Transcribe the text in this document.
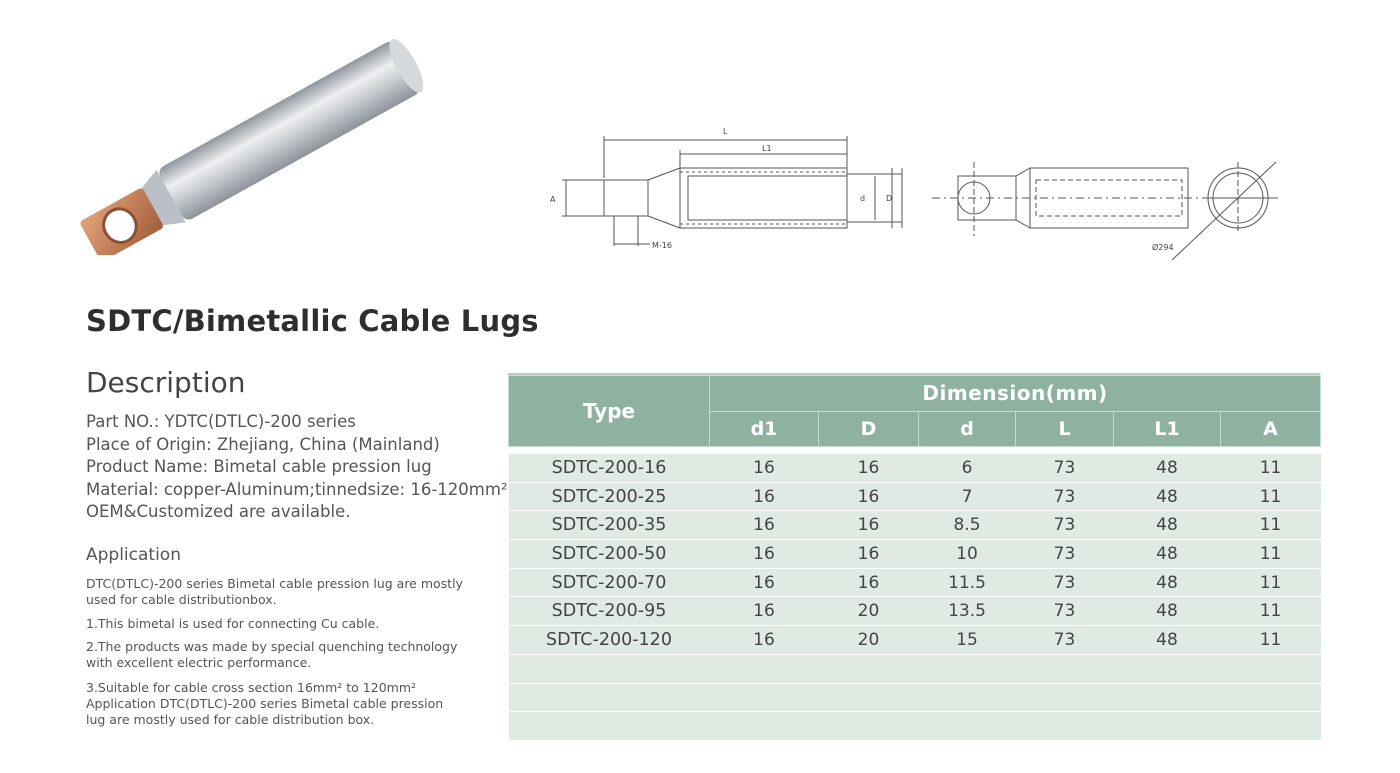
L
L1
A	d	D
M-16	Ø294
SDTC/Bimetallic Cable Lugs
Description
Part NO.: YDTC(DTLC)-200 series
Place of Origin: Zhejiang, China (Mainland)
Product Name: Bimetal cable pression lug
Material: copper-Aluminum;tinnedsize: 16-120mm²
OEM&Customized are available.
Application

DTC(DTLC)-200 series Bimetal cable pression lug are mostly used for cable distributionbox.

1.This bimetal is used for connecting Cu cable.

2.The products was made by special quenching technology with excellent electric performance.

3.Suitable for cable cross section 16mm² to 120mm² Application DTC(DTLC)-200 series Bimetal cable pression lug are mostly used for cable distribution box.

Type	Dimension(mm)					
	d1	D	d	L	L1	A

SDTC-200-16	16	16	6	73	48	11
SDTC-200-25	16	16	7	73	48	11
SDTC-200-35	16	16	8.5	73	48	11
SDTC-200-50	16	16	10	73	48	11
SDTC-200-70	16	16	11.5	73	48	11
SDTC-200-95	16	20	13.5	73	48	11
SDTC-200-120	16	20	15	73	48	11
